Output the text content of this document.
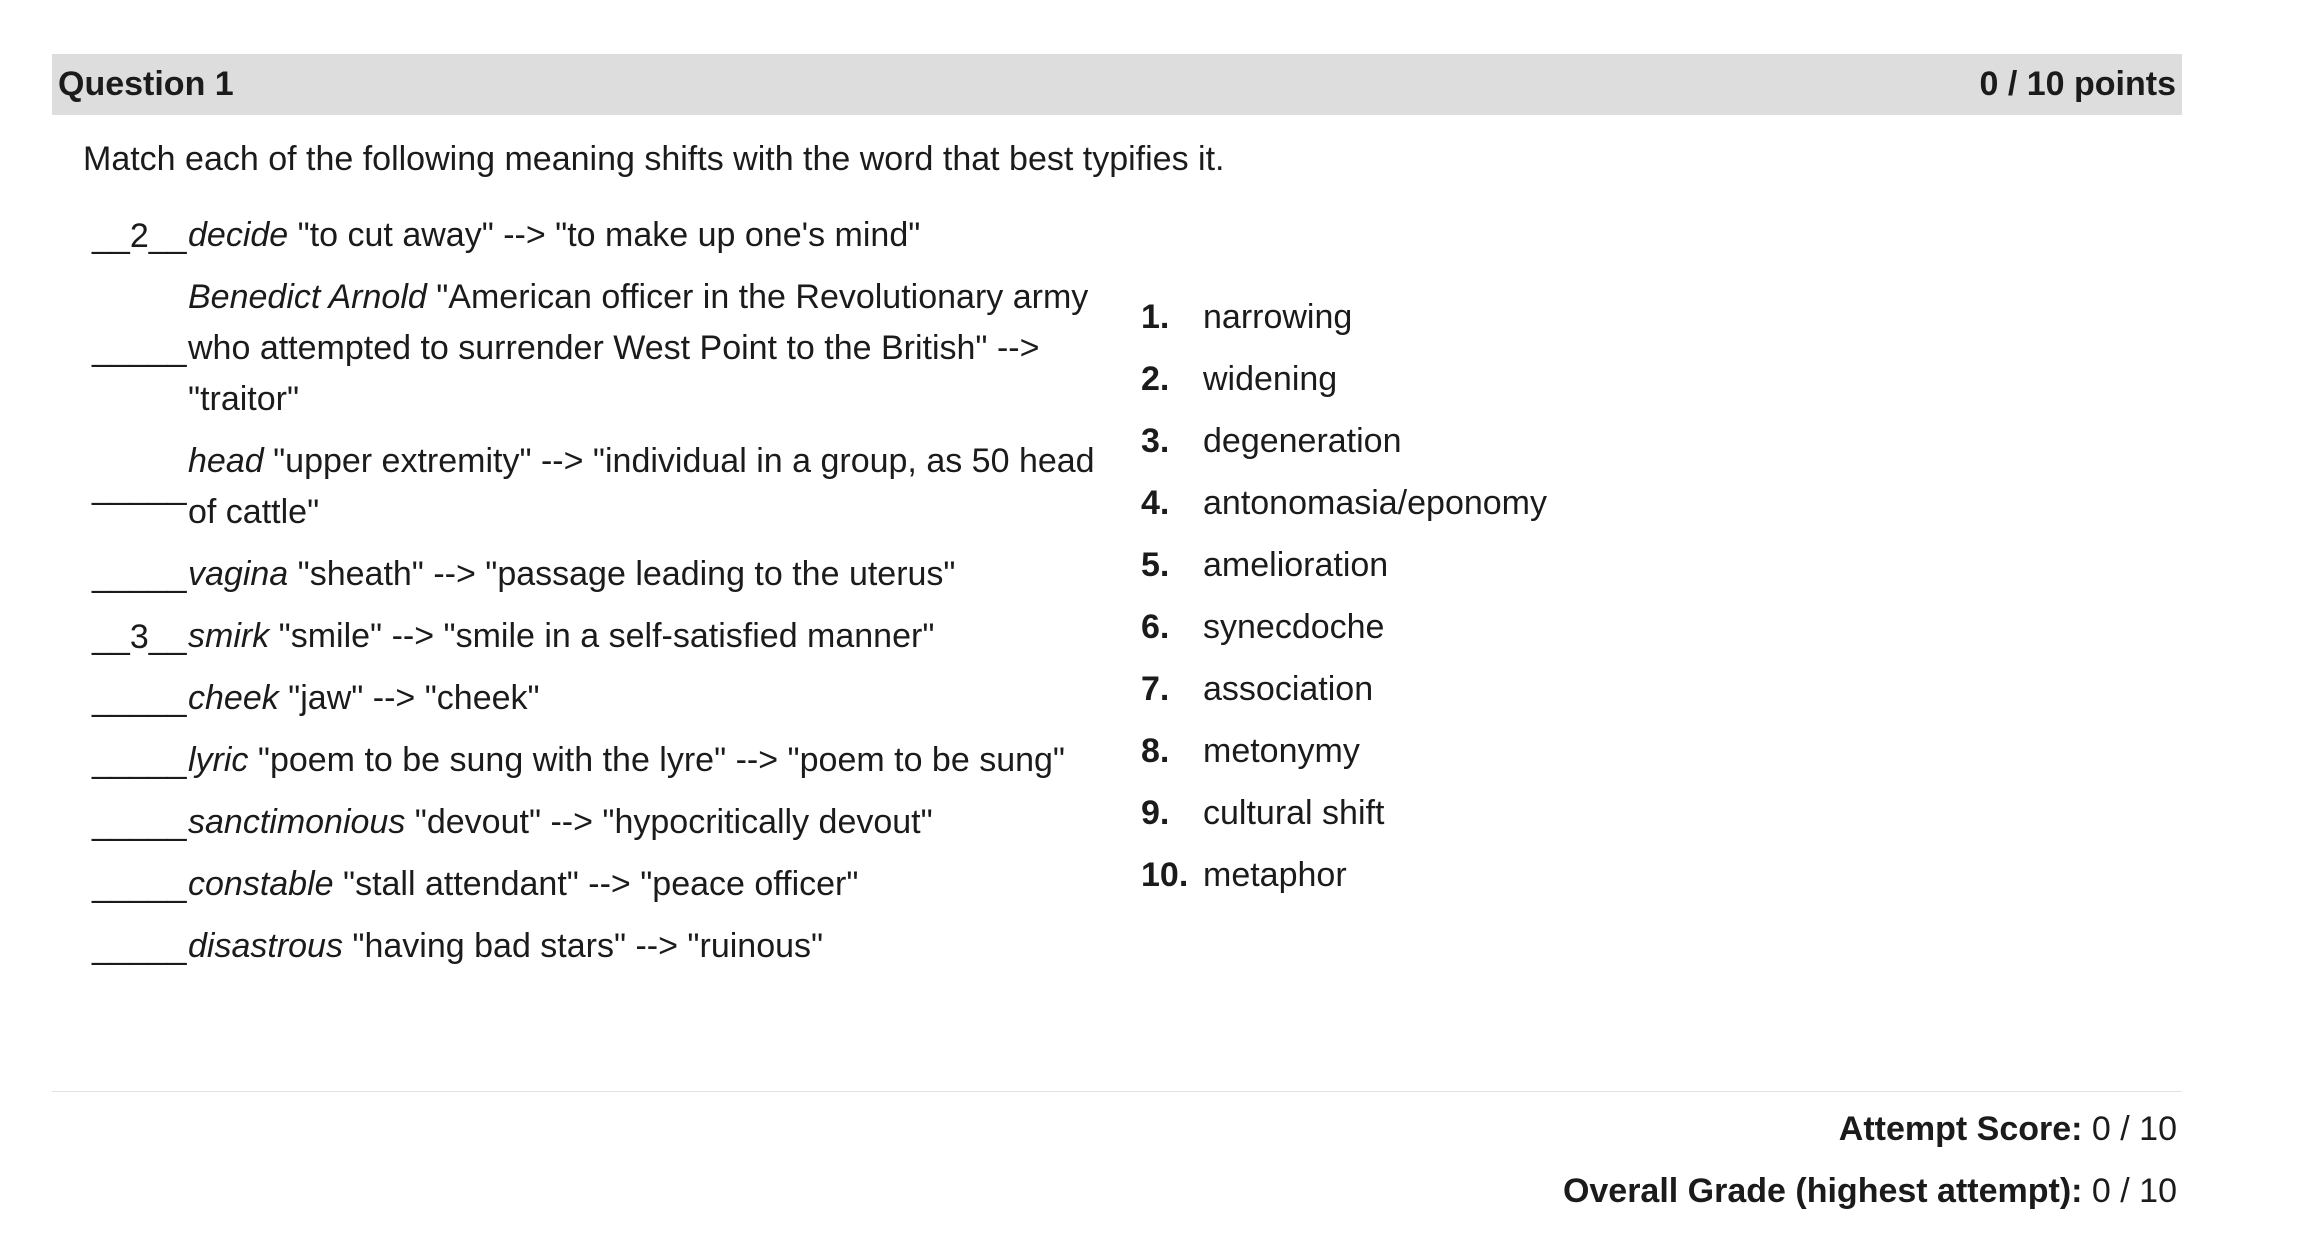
Question 1	0 / 10 points
Match each of the following meaning shifts with the word that best typifies it.
__2__ decide "to cut away" --> "to make up one's mind"
_____
Benedict Arnold "American officer in the Revolutionary army who attempted to surrender West Point to the British" --> "traitor"
_____
head "upper extremity" --> "individual in a group, as 50 head of cattle"
_____ vagina "sheath" --> "passage leading to the uterus"
__3__ smirk "smile" --> "smile in a self-satisfied manner"
_____ cheek "jaw" --> "cheek"
_____ lyric "poem to be sung with the lyre" --> "poem to be sung"
_____ sanctimonious "devout" --> "hypocritically devout"
_____ constable "stall attendant" --> "peace officer"
_____ disastrous "having bad stars" --> "ruinous"
1. narrowing
2. widening
3. degeneration
4. antonomasia/eponomy
5. amelioration
6. synecdoche
7. association
8. metonymy
9. cultural shift
10. metaphor
Attempt Score: 0 / 10
Overall Grade (highest attempt): 0 / 10
